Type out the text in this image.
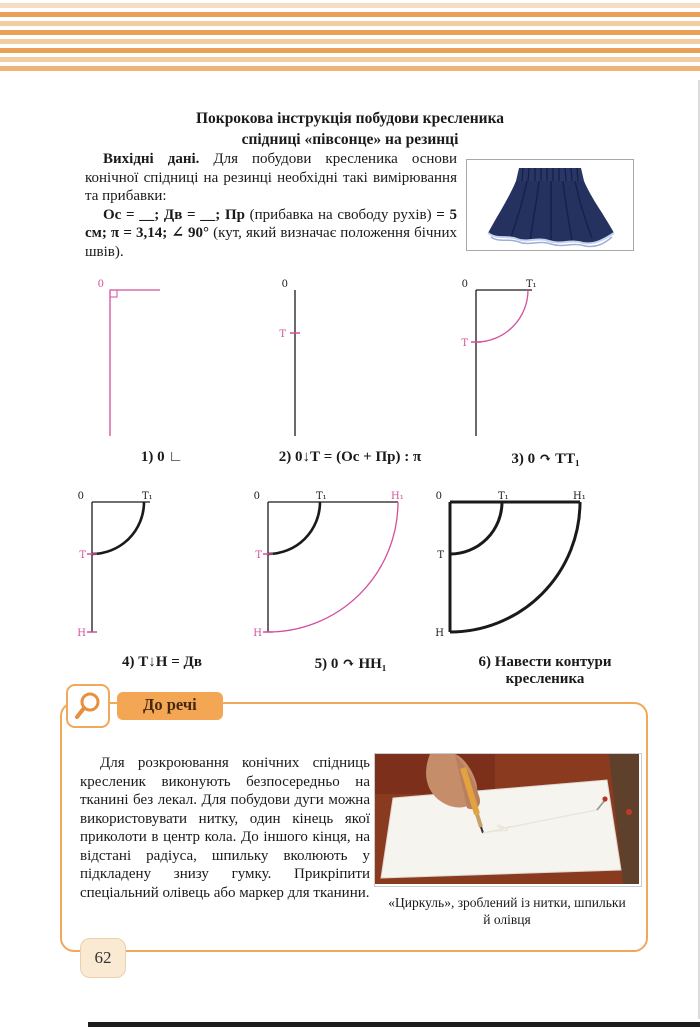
Покрокова інструкція побудови кресленика
спідниці «півсонце» на резинці

Вихідні дані. Для побудови кресленика основи конічної спідниці на резинці необхідні такі вимірювання та прибавки:

Ос = __; Дв = __; Пр (прибавка на свободу рухів) = 5 см; π = 3,14; ∠ 90° (кут, який визначає положення бічних швів).

0
1) 0 ∟
0
Т
2) 0↓Т = (Ос + Пр) : π
0	Т₁
Т
3) 0 ↷ ТТ₁
0	Т₁
Т
Н
4) Т↓Н = Дв
0	Т₁	Н₁
Т
Н
5) 0 ↷ НН₁
0	Т₁	Н₁
Т
Н
6) Навести контури
кресленика
До речі
Для розкроювання конічних спідниць кресленик виконують безпосередньо на тканині без лекал. Для побудови дуги можна використовувати нитку, один кінець якої приколоти в центр кола. До іншого кінця, на відстані радіуса, шпильку вколюють у підкладену знизу гумку. Прикріпити спеціальний олівець або маркер для тканини.
«Циркуль», зроблений із нитки, шпильки
й олівця
62
